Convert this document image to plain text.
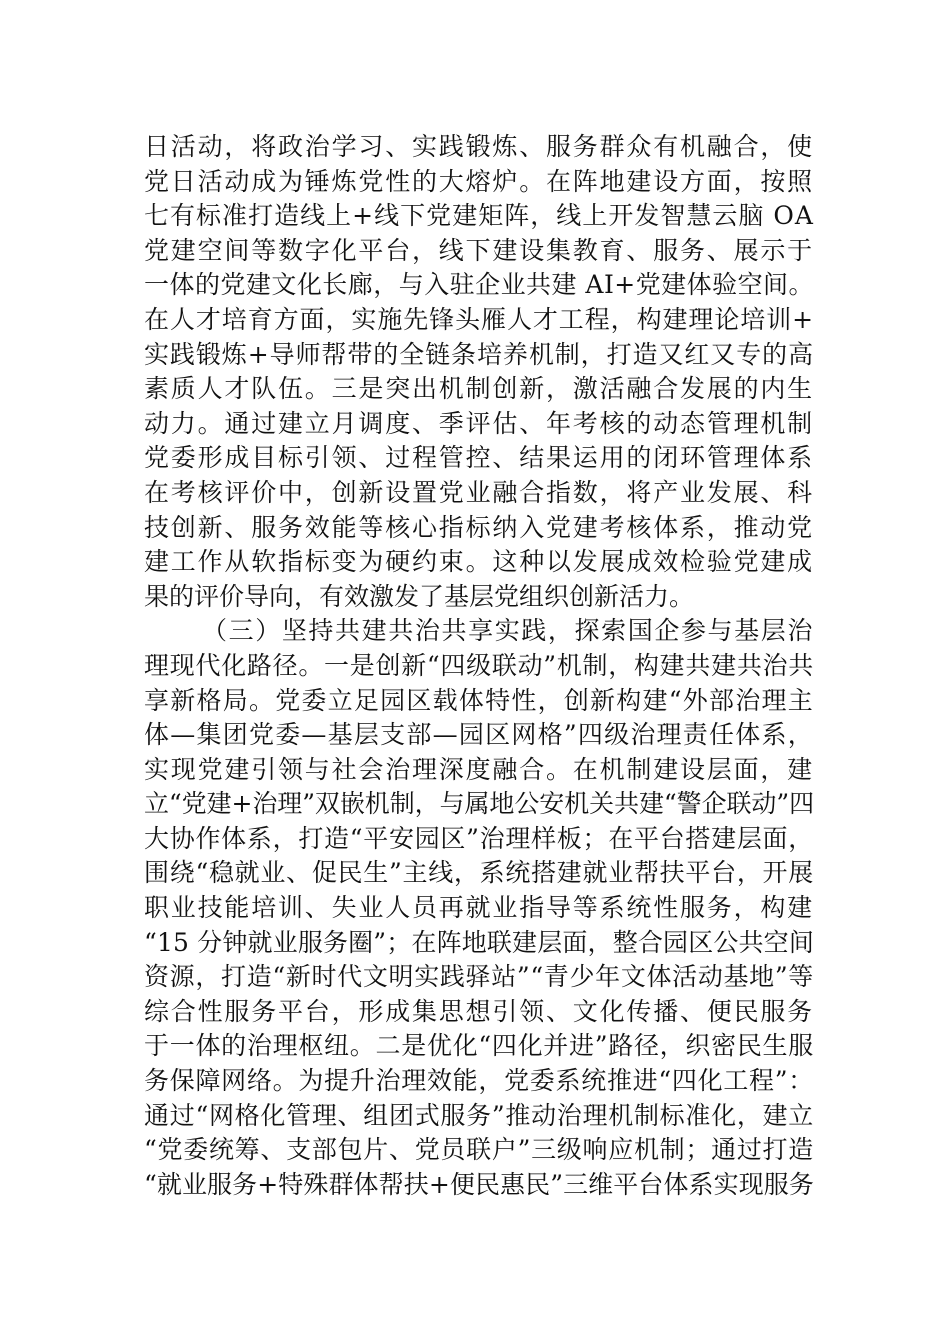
日活动，将政治学习、实践锻炼、服务群众有机融合，使
党日活动成为锤炼党性的大熔炉。在阵地建设方面，按照
七有标准打造线上+线下党建矩阵，线上开发智慧云脑 OA
党建空间等数字化平台，线下建设集教育、服务、展示于
一体的党建文化长廊，与入驻企业共建 AI+党建体验空间。
在人才培育方面，实施先锋头雁人才工程，构建理论培训+
实践锻炼+导师帮带的全链条培养机制，打造又红又专的高
素质人才队伍。三是突出机制创新，激活融合发展的内生
动力。通过建立月调度、季评估、年考核的动态管理机制
党委形成目标引领、过程管控、结果运用的闭环管理体系
在考核评价中，创新设置党业融合指数，将产业发展、科
技创新、服务效能等核心指标纳入党建考核体系，推动党
建工作从软指标变为硬约束。这种以发展成效检验党建成
果的评价导向，有效激发了基层党组织创新活力。
（三）坚持共建共治共享实践，探索国企参与基层治
理现代化路径。一是创新“四级联动”机制，构建共建共治共
享新格局。党委立足园区载体特性，创新构建“外部治理主
体—集团党委—基层支部—园区网格”四级治理责任体系，
实现党建引领与社会治理深度融合。在机制建设层面，建
立“党建+治理”双嵌机制，与属地公安机关共建“警企联动”四
大协作体系，打造“平安园区”治理样板；在平台搭建层面，
围绕“稳就业、促民生”主线，系统搭建就业帮扶平台，开展
职业技能培训、失业人员再就业指导等系统性服务，构建
“15 分钟就业服务圈”；在阵地联建层面，整合园区公共空间
资源，打造“新时代文明实践驿站”“青少年文体活动基地”等
综合性服务平台，形成集思想引领、文化传播、便民服务
于一体的治理枢纽。二是优化“四化并进”路径，织密民生服
务保障网络。为提升治理效能，党委系统推进“四化工程”：
通过“网格化管理、组团式服务”推动治理机制标准化，建立
“党委统筹、支部包片、党员联户”三级响应机制；通过打造
“就业服务+特殊群体帮扶+便民惠民”三维平台体系实现服务
